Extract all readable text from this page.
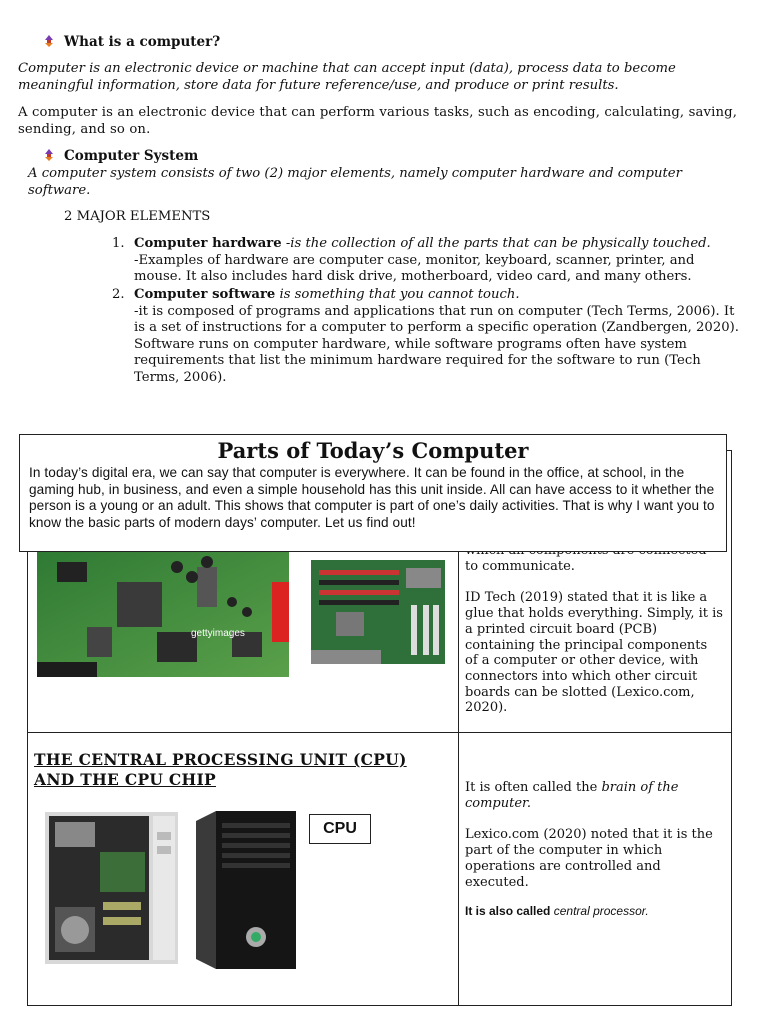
What is a computer?

Computer is an electronic device or machine that can accept input (data), process data to become meaningful information, store data for future reference/use, and produce or print results.

A computer is an electronic device that can perform various tasks, such as encoding, calculating, saving, sending, and so on.

Computer System

A computer system consists of two (2) major elements, namely computer hardware and computer software.

2 MAJOR ELEMENTS

1. Computer hardware -is the collection of all the parts that can be physically touched.
-Examples of hardware are computer case, monitor, keyboard, scanner, printer, and mouse. It also includes hard disk drive, motherboard, video card, and many others.
2. Computer software is something that you cannot touch.
-it is composed of programs and applications that run on computer (Tech Terms, 2006). It is a set of instructions for a computer to perform a specific operation (Zandbergen, 2020). Software runs on computer hardware, while software programs often have system requirements that list the minimum hardware required for the software to run (Tech Terms, 2006).

	to communicate.

ID Tech (2019) stated that it is like a glue that holds everything. Simply, it is a printed circuit board (PCB) containing the principal components of a computer or other device, with connectors into which other circuit boards can be slotted (Lexico.com, 2020).

	It is often called the brain of the computer.

Lexico.com (2020) noted that it is the part of the computer in which operations are controlled and executed.

It is also called central processor.

gettyimages
Parts of Today’s Computer
In today’s digital era, we can say that computer is everywhere. It can be found in the office, at school, in the gaming hub, in business, and even a simple household has this unit inside. All can have access to it whether the person is a young or an adult. This shows that computer is part of one’s daily activities. That is why I want you to know the basic parts of modern days’ computer. Let us find out!
THE CENTRAL PROCESSING UNIT (CPU)
AND THE CPU CHIP
CPU
